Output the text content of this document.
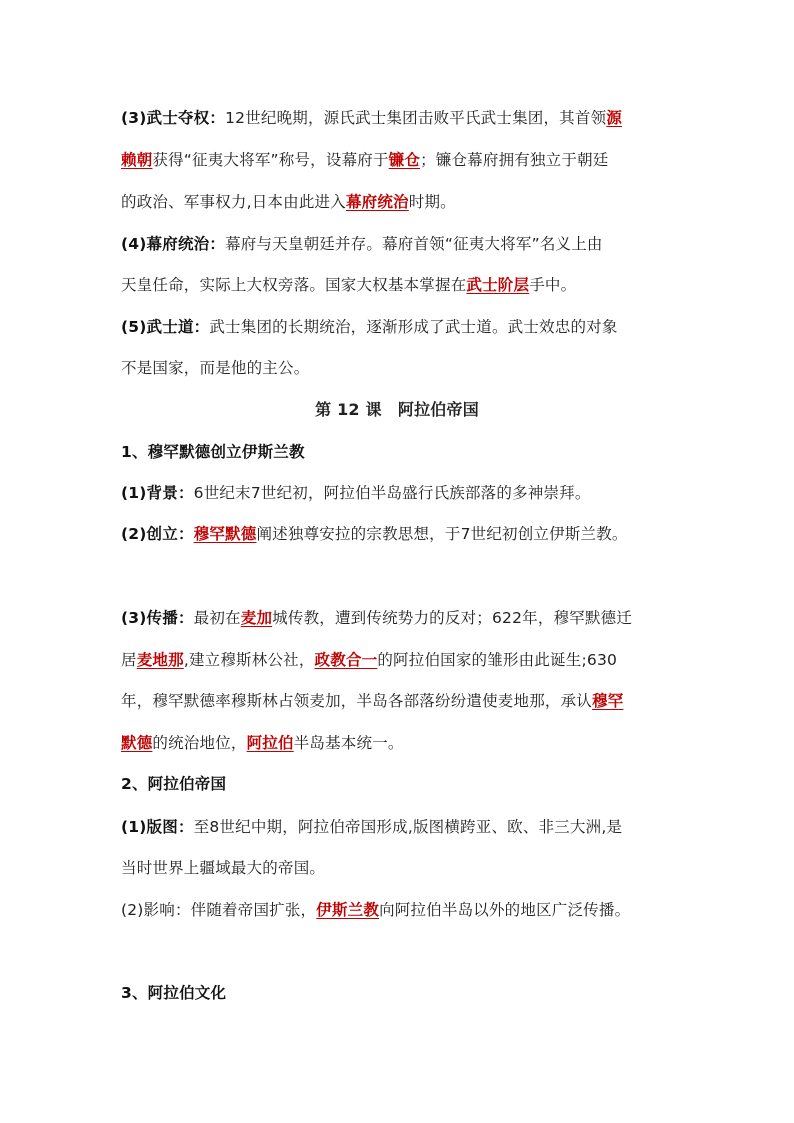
(3)武士夺权：12世纪晚期，源氏武士集团击败平氏武士集团，其首领源
赖朝获得“征夷大将军”称号，设幕府于镰仓；镰仓幕府拥有独立于朝廷
的政治、军事权力,日本由此进入幕府统治时期。
(4)幕府统治：幕府与天皇朝廷并存。幕府首领“征夷大将军”名义上由
天皇任命，实际上大权旁落。国家大权基本掌握在武士阶层手中。
(5)武士道：武士集团的长期统治，逐渐形成了武士道。武士效忠的对象
不是国家，而是他的主公。
第 12 课　阿拉伯帝国
1、穆罕默德创立伊斯兰教
(1)背景：6世纪末7世纪初，阿拉伯半岛盛行氏族部落的多神崇拜。
(2)创立：穆罕默德阐述独尊安拉的宗教思想，于7世纪初创立伊斯兰教。
(3)传播：最初在麦加城传教，遭到传统势力的反对；622年，穆罕默德迁
居麦地那,建立穆斯林公社，政教合一的阿拉伯国家的雏形由此诞生;630
年，穆罕默德率穆斯林占领麦加，半岛各部落纷纷遣使麦地那，承认穆罕
默德的统治地位，阿拉伯半岛基本统一。
2、阿拉伯帝国
(1)版图：至8世纪中期，阿拉伯帝国形成,版图横跨亚、欧、非三大洲,是
当时世界上疆域最大的帝国。
(2)影响：伴随着帝国扩张，伊斯兰教向阿拉伯半岛以外的地区广泛传播。
3、阿拉伯文化
